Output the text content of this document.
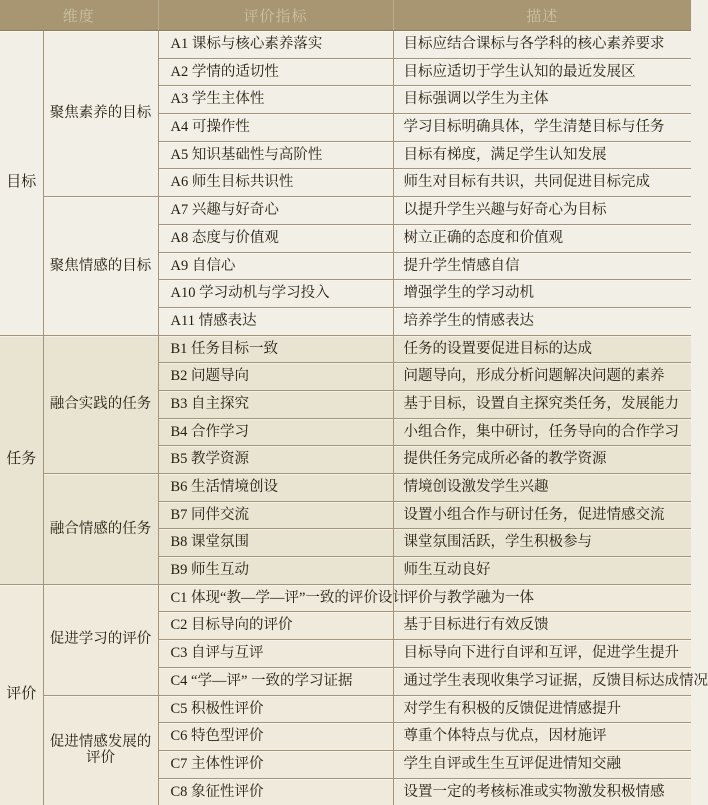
维度		评价指标	描述
目标	聚焦素养的目标	A1 课标与核心素养落实	目标应结合课标与各学科的核心素养要求
		A2 学情的适切性	目标应适切于学生认知的最近发展区
		A3 学生主体性	目标强调以学生为主体
		A4 可操作性	学习目标明确具体，学生清楚目标与任务
		A5 知识基础性与高阶性	目标有梯度，满足学生认知发展
		A6 师生目标共识性	师生对目标有共识，共同促进目标完成
	聚焦情感的目标	A7 兴趣与好奇心	以提升学生兴趣与好奇心为目标
		A8 态度与价值观	树立正确的态度和价值观
		A9 自信心	提升学生情感自信
		A10 学习动机与学习投入	增强学生的学习动机
		A11 情感表达	培养学生的情感表达
任务	融合实践的任务	B1 任务目标一致	任务的设置要促进目标的达成
		B2 问题导向	问题导向，形成分析问题解决问题的素养
		B3 自主探究	基于目标，设置自主探究类任务，发展能力
		B4 合作学习	小组合作，集中研讨，任务导向的合作学习
		B5 教学资源	提供任务完成所必备的教学资源
	融合情感的任务	B6 生活情境创设	情境创设激发学生兴趣
		B7 同伴交流	设置小组合作与研讨任务，促进情感交流
		B8 课堂氛围	课堂氛围活跃，学生积极参与
		B9 师生互动	师生互动良好
评价	促进学习的评价	C1 体现“教—学—评”一致的评价设计	评价与教学融为一体
		C2 目标导向的评价	基于目标进行有效反馈
		C3 自评与互评	目标导向下进行自评和互评，促进学生提升
		C4 “学—评” 一致的学习证据	通过学生表现收集学习证据，反馈目标达成情况
	促进情感发展的评价	C5 积极性评价	对学生有积极的反馈促进情感提升
		C6 特色型评价	尊重个体特点与优点，因材施评
		C7 主体性评价	学生自评或生生互评促进情知交融
		C8 象征性评价	设置一定的考核标准或实物激发积极情感
